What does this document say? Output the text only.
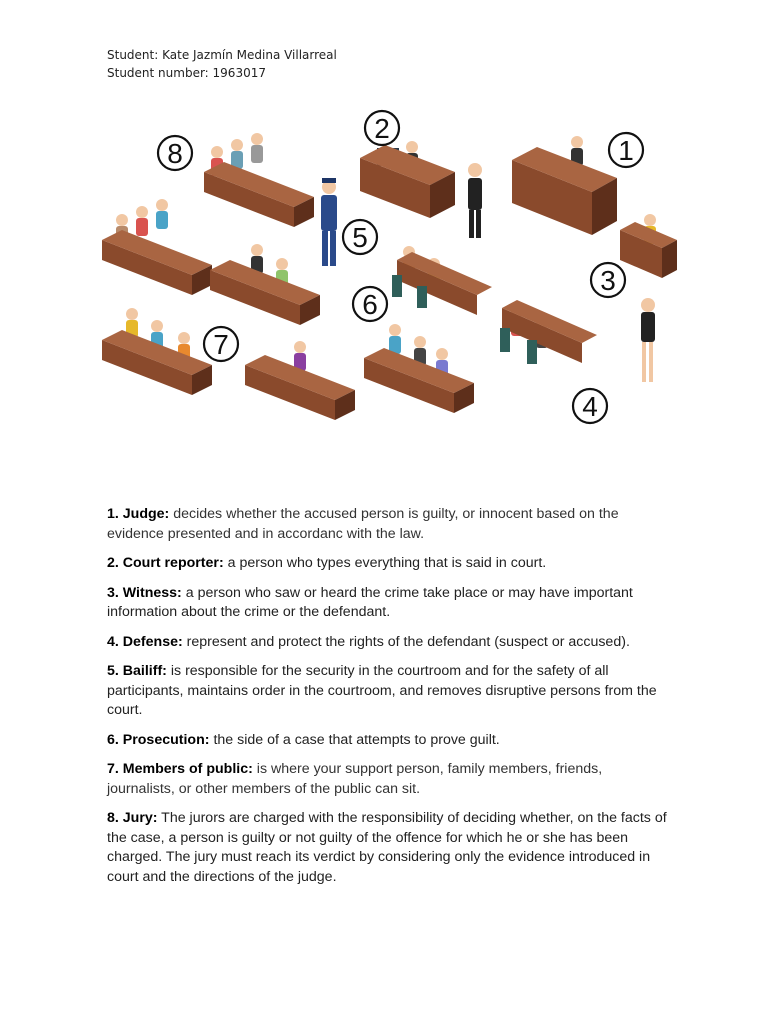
Student: Kate Jazmín Medina Villarreal
Student number: 1963017
1
2
3
4
5
6
7
8

1. Judge: decides whether the accused person is guilty, or innocent based on the evidence presented and in accordanc with the law.

2. Court reporter: a person who types everything that is said in court.

3. Witness: a person who saw or heard the crime take place or may have important information about the crime or the defendant.

4. Defense: represent and protect the rights of the defendant (suspect or accused).

5. Bailiff: is responsible for the security in the courtroom and for the safety of all participants, maintains order in the courtroom, and removes disruptive persons from the court.

6. Prosecution: the side of a case that attempts to prove guilt.

7. Members of public: is where your support person, family members, friends, journalists, or other members of the public can sit.

8. Jury: The jurors are charged with the responsibility of deciding whether, on the facts of the case, a person is guilty or not guilty of the offence for which he or she has been charged. The jury must reach its verdict by considering only the evidence introduced in court and the directions of the judge.
